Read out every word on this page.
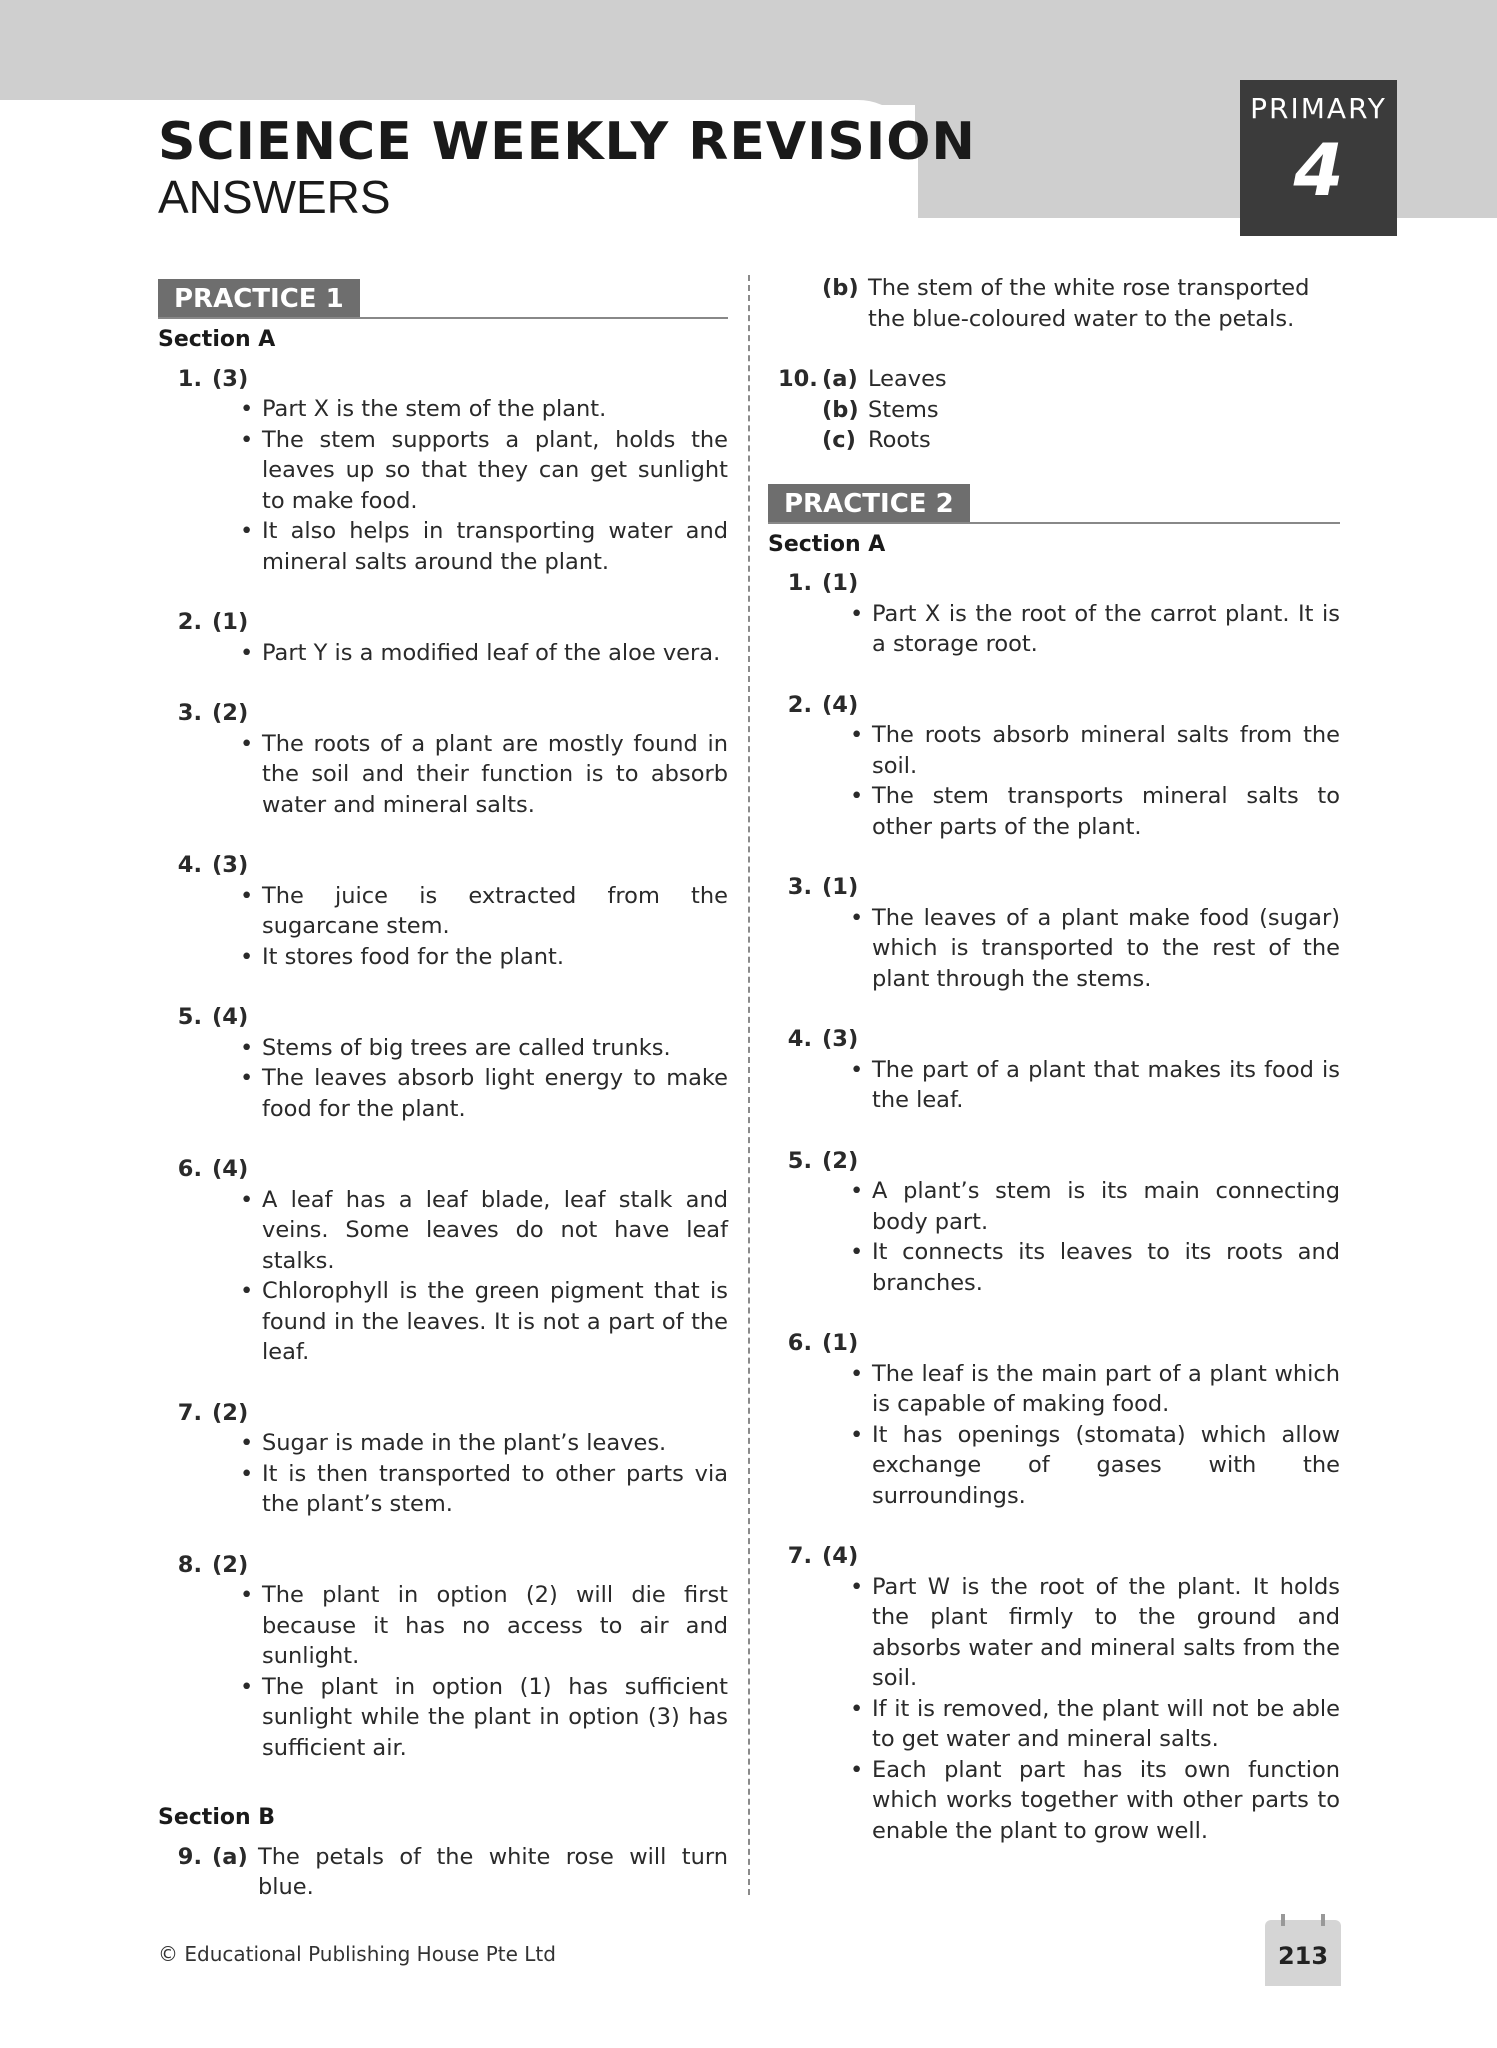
SCIENCE WEEKLY REVISION
ANSWERS
PRIMARY
4
PRACTICE 1
Section A
1. (3)
• Part X is the stem of the plant.
• The stem supports a plant, holds the leaves up so that they can get sunlight to make food.
• It also helps in transporting water and mineral salts around the plant.
2. (1)
• Part Y is a modified leaf of the aloe vera.
3. (2)
• The roots of a plant are mostly found in the soil and their function is to absorb water and mineral salts.
4. (3)
• The juice is extracted from the sugarcane stem.
• It stores food for the plant.
5. (4)
• Stems of big trees are called trunks.
• The leaves absorb light energy to make food for the plant.
6. (4)
• A leaf has a leaf blade, leaf stalk and veins. Some leaves do not have leaf stalks.
• Chlorophyll is the green pigment that is found in the leaves. It is not a part of the leaf.
7. (2)
• Sugar is made in the plant’s leaves.
• It is then transported to other parts via the plant’s stem.
8. (2)
• The plant in option (2) will die first because it has no access to air and sunlight.
• The plant in option (1) has sufficient sunlight while the plant in option (3) has sufficient air.
Section B
9. (a) The petals of the white rose will turn blue.
(b) The stem of the white rose transported the blue-coloured water to the petals.
10. (a) Leaves
(b) Stems
(c) Roots
PRACTICE 2
Section A
1. (1)
• Part X is the root of the carrot plant. It is a storage root.
2. (4)
• The roots absorb mineral salts from the soil.
• The stem transports mineral salts to other parts of the plant.
3. (1)
• The leaves of a plant make food (sugar) which is transported to the rest of the plant through the stems.
4. (3)
• The part of a plant that makes its food is the leaf.
5. (2)
• A plant’s stem is its main connecting body part.
• It connects its leaves to its roots and branches.
6. (1)
• The leaf is the main part of a plant which is capable of making food.
• It has openings (stomata) which allow exchange of gases with the surroundings.
7. (4)
• Part W is the root of the plant. It holds the plant firmly to the ground and absorbs water and mineral salts from the soil.
• If it is removed, the plant will not be able to get water and mineral salts.
• Each plant part has its own function which works together with other parts to enable the plant to grow well.
© Educational Publishing House Pte Ltd	213
